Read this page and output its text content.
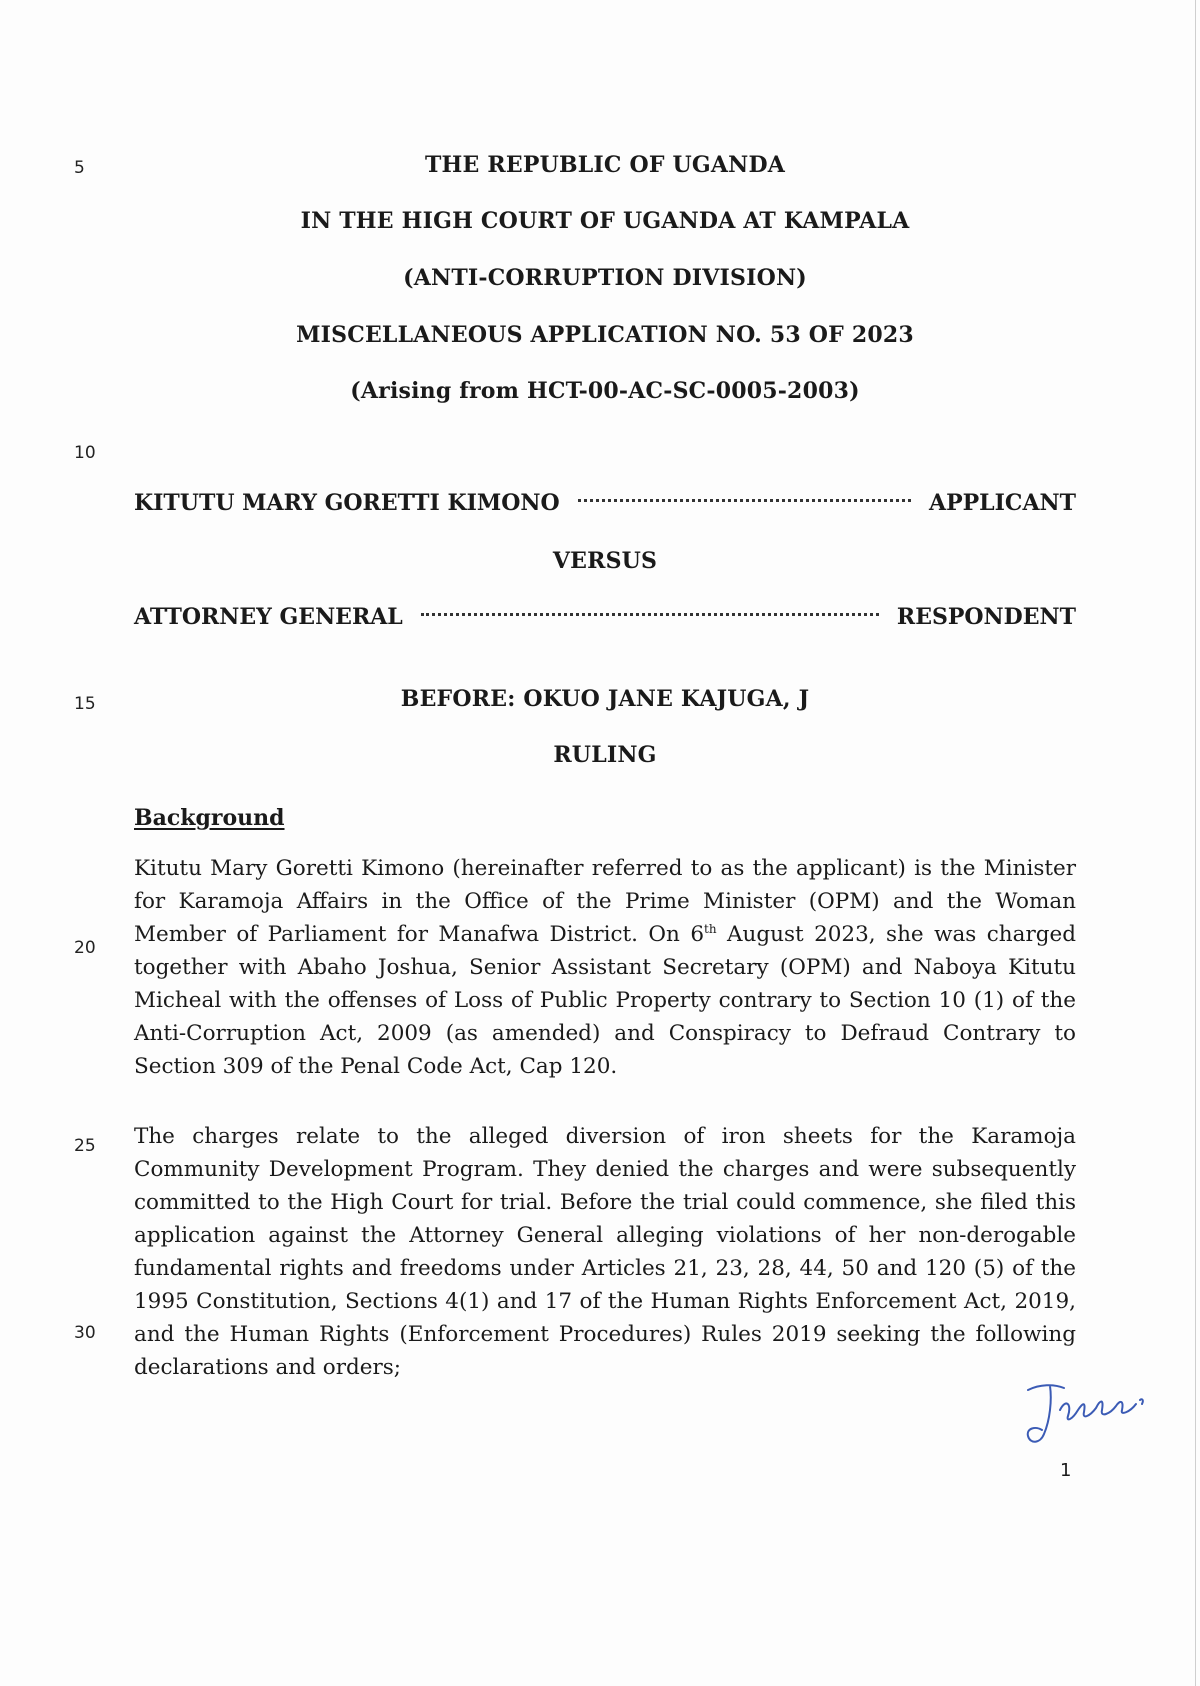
5
10
15
20
25
30
THE REPUBLIC OF UGANDA
IN THE HIGH COURT OF UGANDA AT KAMPALA
(ANTI-CORRUPTION DIVISION)
MISCELLANEOUS APPLICATION NO. 53 OF 2023
(Arising from HCT-00-AC-SC-0005-2003)
KITUTU MARY GORETTI KIMONO	APPLICANT
VERSUS
ATTORNEY GENERAL	RESPONDENT
BEFORE: OKUO JANE KAJUGA, J
RULING
Background

Kitutu Mary Goretti Kimono (hereinafter referred to as the applicant) is the Minister for Karamoja Affairs in the Office of the Prime Minister (OPM) and the Woman Member of Parliament for Manafwa District. On 6th August 2023, she was charged together with Abaho Joshua, Senior Assistant Secretary (OPM) and Naboya Kitutu Micheal with the offenses of Loss of Public Property contrary to Section 10 (1) of the Anti-Corruption Act, 2009 (as amended) and Conspiracy to Defraud Contrary to Section 309 of the Penal Code Act, Cap 120.

The charges relate to the alleged diversion of iron sheets for the Karamoja Community Development Program. They denied the charges and were subsequently committed to the High Court for trial. Before the trial could commence, she filed this application against the Attorney General alleging violations of her non-derogable fundamental rights and freedoms under Articles 21, 23, 28, 44, 50 and 120 (5) of the 1995 Constitution, Sections 4(1) and 17 of the Human Rights Enforcement Act, 2019, and the Human Rights (Enforcement Procedures) Rules 2019 seeking the following declarations and orders;

1
